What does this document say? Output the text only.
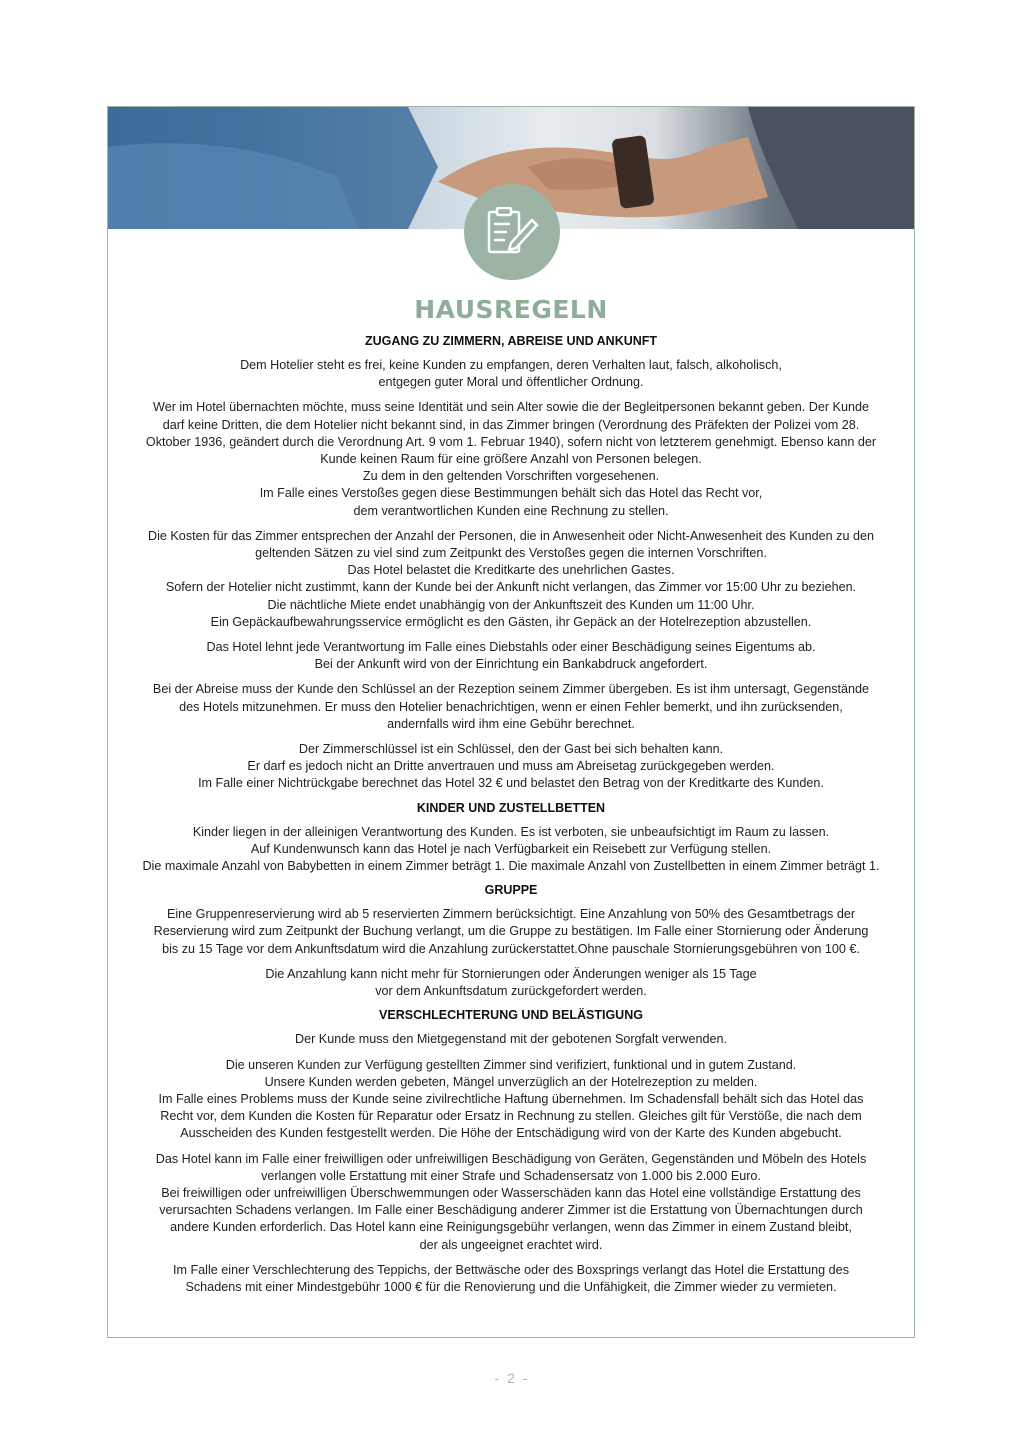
HAUSREGELN
ZUGANG ZU ZIMMERN, ABREISE UND ANKUNFT
Dem Hotelier steht es frei, keine Kunden zu empfangen, deren Verhalten laut, falsch, alkoholisch,
entgegen guter Moral und öffentlicher Ordnung.
Wer im Hotel übernachten möchte, muss seine Identität und sein Alter sowie die der Begleitpersonen bekannt geben. Der Kunde
darf keine Dritten, die dem Hotelier nicht bekannt sind, in das Zimmer bringen (Verordnung des Präfekten der Polizei vom 28.
Oktober 1936, geändert durch die Verordnung Art. 9 vom 1. Februar 1940), sofern nicht von letzterem genehmigt. Ebenso kann der
Kunde keinen Raum für eine größere Anzahl von Personen belegen.
Zu dem in den geltenden Vorschriften vorgesehenen.
Im Falle eines Verstoßes gegen diese Bestimmungen behält sich das Hotel das Recht vor,
dem verantwortlichen Kunden eine Rechnung zu stellen.
Die Kosten für das Zimmer entsprechen der Anzahl der Personen, die in Anwesenheit oder Nicht-Anwesenheit des Kunden zu den
geltenden Sätzen zu viel sind zum Zeitpunkt des Verstoßes gegen die internen Vorschriften.
Das Hotel belastet die Kreditkarte des unehrlichen Gastes.
Sofern der Hotelier nicht zustimmt, kann der Kunde bei der Ankunft nicht verlangen, das Zimmer vor 15:00 Uhr zu beziehen.
Die nächtliche Miete endet unabhängig von der Ankunftszeit des Kunden um 11:00 Uhr.
Ein Gepäckaufbewahrungsservice ermöglicht es den Gästen, ihr Gepäck an der Hotelrezeption abzustellen.
Das Hotel lehnt jede Verantwortung im Falle eines Diebstahls oder einer Beschädigung seines Eigentums ab.
Bei der Ankunft wird von der Einrichtung ein Bankabdruck angefordert.
Bei der Abreise muss der Kunde den Schlüssel an der Rezeption seinem Zimmer übergeben. Es ist ihm untersagt, Gegenstände
des Hotels mitzunehmen. Er muss den Hotelier benachrichtigen, wenn er einen Fehler bemerkt, und ihn zurücksenden,
andernfalls wird ihm eine Gebühr berechnet.
Der Zimmerschlüssel ist ein Schlüssel, den der Gast bei sich behalten kann.
Er darf es jedoch nicht an Dritte anvertrauen und muss am Abreisetag zurückgegeben werden.
Im Falle einer Nichtrückgabe berechnet das Hotel 32 € und belastet den Betrag von der Kreditkarte des Kunden.
KINDER UND ZUSTELLBETTEN
Kinder liegen in der alleinigen Verantwortung des Kunden. Es ist verboten, sie unbeaufsichtigt im Raum zu lassen.
Auf Kundenwunsch kann das Hotel je nach Verfügbarkeit ein Reisebett zur Verfügung stellen.
Die maximale Anzahl von Babybetten in einem Zimmer beträgt 1. Die maximale Anzahl von Zustellbetten in einem Zimmer beträgt 1.
GRUPPE
Eine Gruppenreservierung wird ab 5 reservierten Zimmern berücksichtigt. Eine Anzahlung von 50% des Gesamtbetrags der
Reservierung wird zum Zeitpunkt der Buchung verlangt, um die Gruppe zu bestätigen. Im Falle einer Stornierung oder Änderung
bis zu 15 Tage vor dem Ankunftsdatum wird die Anzahlung zurückerstattet.Ohne pauschale Stornierungsgebühren von 100 €.
Die Anzahlung kann nicht mehr für Stornierungen oder Änderungen weniger als 15 Tage
vor dem Ankunftsdatum zurückgefordert werden.
VERSCHLECHTERUNG UND BELÄSTIGUNG
Der Kunde muss den Mietgegenstand mit der gebotenen Sorgfalt verwenden.
Die unseren Kunden zur Verfügung gestellten Zimmer sind verifiziert, funktional und in gutem Zustand.
Unsere Kunden werden gebeten, Mängel unverzüglich an der Hotelrezeption zu melden.
Im Falle eines Problems muss der Kunde seine zivilrechtliche Haftung übernehmen. Im Schadensfall behält sich das Hotel das
Recht vor, dem Kunden die Kosten für Reparatur oder Ersatz in Rechnung zu stellen. Gleiches gilt für Verstöße, die nach dem
Ausscheiden des Kunden festgestellt werden. Die Höhe der Entschädigung wird von der Karte des Kunden abgebucht.
Das Hotel kann im Falle einer freiwilligen oder unfreiwilligen Beschädigung von Geräten, Gegenständen und Möbeln des Hotels
verlangen volle Erstattung mit einer Strafe und Schadensersatz von 1.000 bis 2.000 Euro.
Bei freiwilligen oder unfreiwilligen Überschwemmungen oder Wasserschäden kann das Hotel eine vollständige Erstattung des
verursachten Schadens verlangen. Im Falle einer Beschädigung anderer Zimmer ist die Erstattung von Übernachtungen durch
andere Kunden erforderlich. Das Hotel kann eine Reinigungsgebühr verlangen, wenn das Zimmer in einem Zustand bleibt,
der als ungeeignet erachtet wird.
Im Falle einer Verschlechterung des Teppichs, der Bettwäsche oder des Boxsprings verlangt das Hotel die Erstattung des
Schadens mit einer Mindestgebühr 1000 € für die Renovierung und die Unfähigkeit, die Zimmer wieder zu vermieten.
- 2 -
